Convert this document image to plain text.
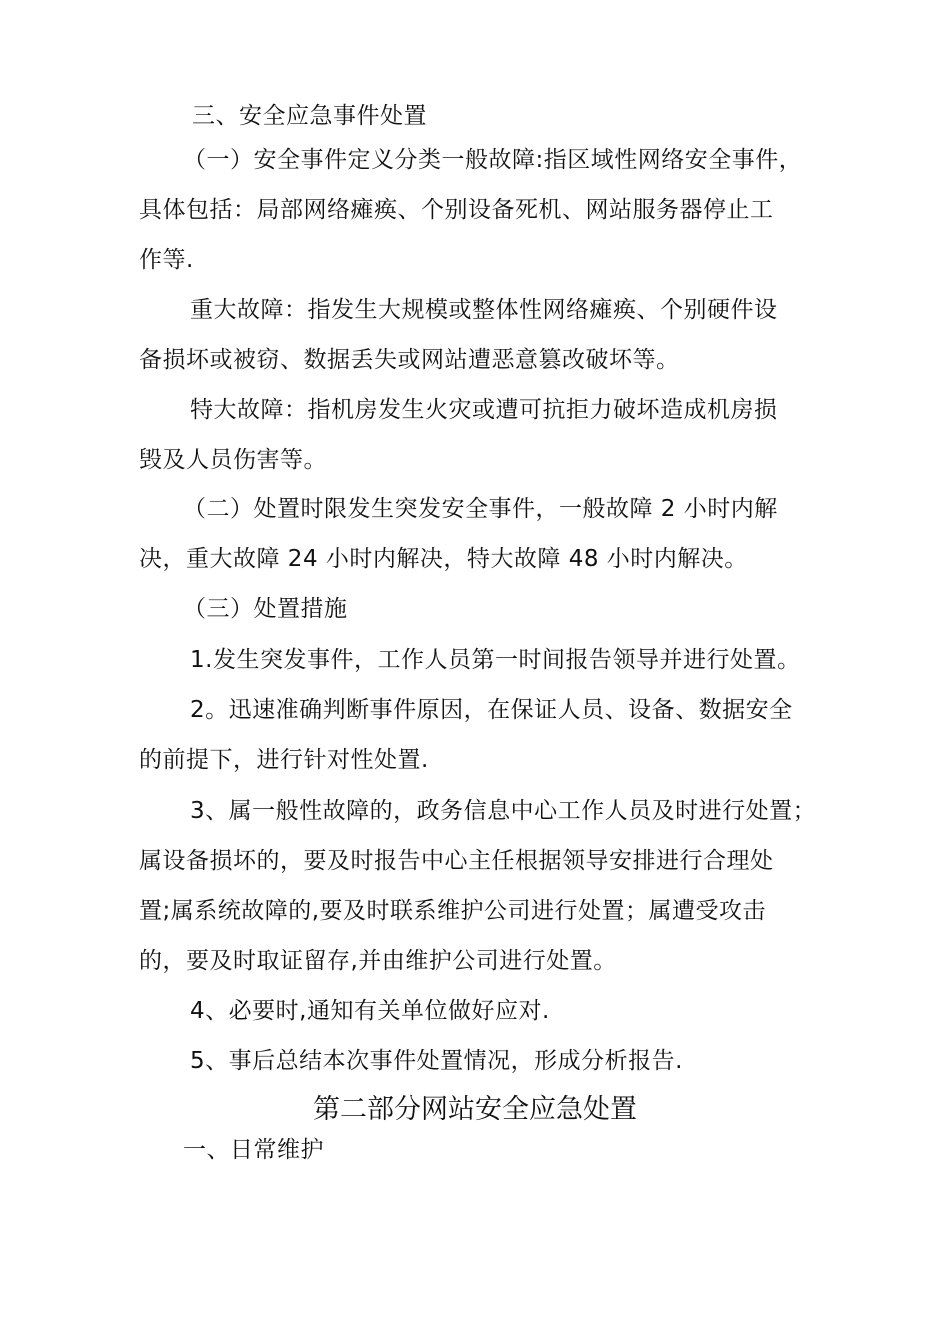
三、安全应急事件处置
（一）安全事件定义分类一般故障:指区域性网络安全事件，
具体包括：局部网络瘫痪、个别设备死机、网站服务器停止工
作等.
重大故障：指发生大规模或整体性网络瘫痪、个别硬件设
备损坏或被窃、数据丢失或网站遭恶意篡改破坏等。
特大故障：指机房发生火灾或遭可抗拒力破坏造成机房损
毁及人员伤害等。
（二）处置时限发生突发安全事件，一般故障 2 小时内解
决，重大故障 24 小时内解决，特大故障 48 小时内解决。
（三）处置措施
1.发生突发事件，工作人员第一时间报告领导并进行处置。
2。迅速准确判断事件原因，在保证人员、设备、数据安全
的前提下，进行针对性处置.
3、属一般性故障的，政务信息中心工作人员及时进行处置；
属设备损坏的，要及时报告中心主任根据领导安排进行合理处
置;属系统故障的,要及时联系维护公司进行处置；属遭受攻击
的，要及时取证留存,并由维护公司进行处置。
4、必要时,通知有关单位做好应对.
5、事后总结本次事件处置情况，形成分析报告.
第二部分网站安全应急处置
一、日常维护
